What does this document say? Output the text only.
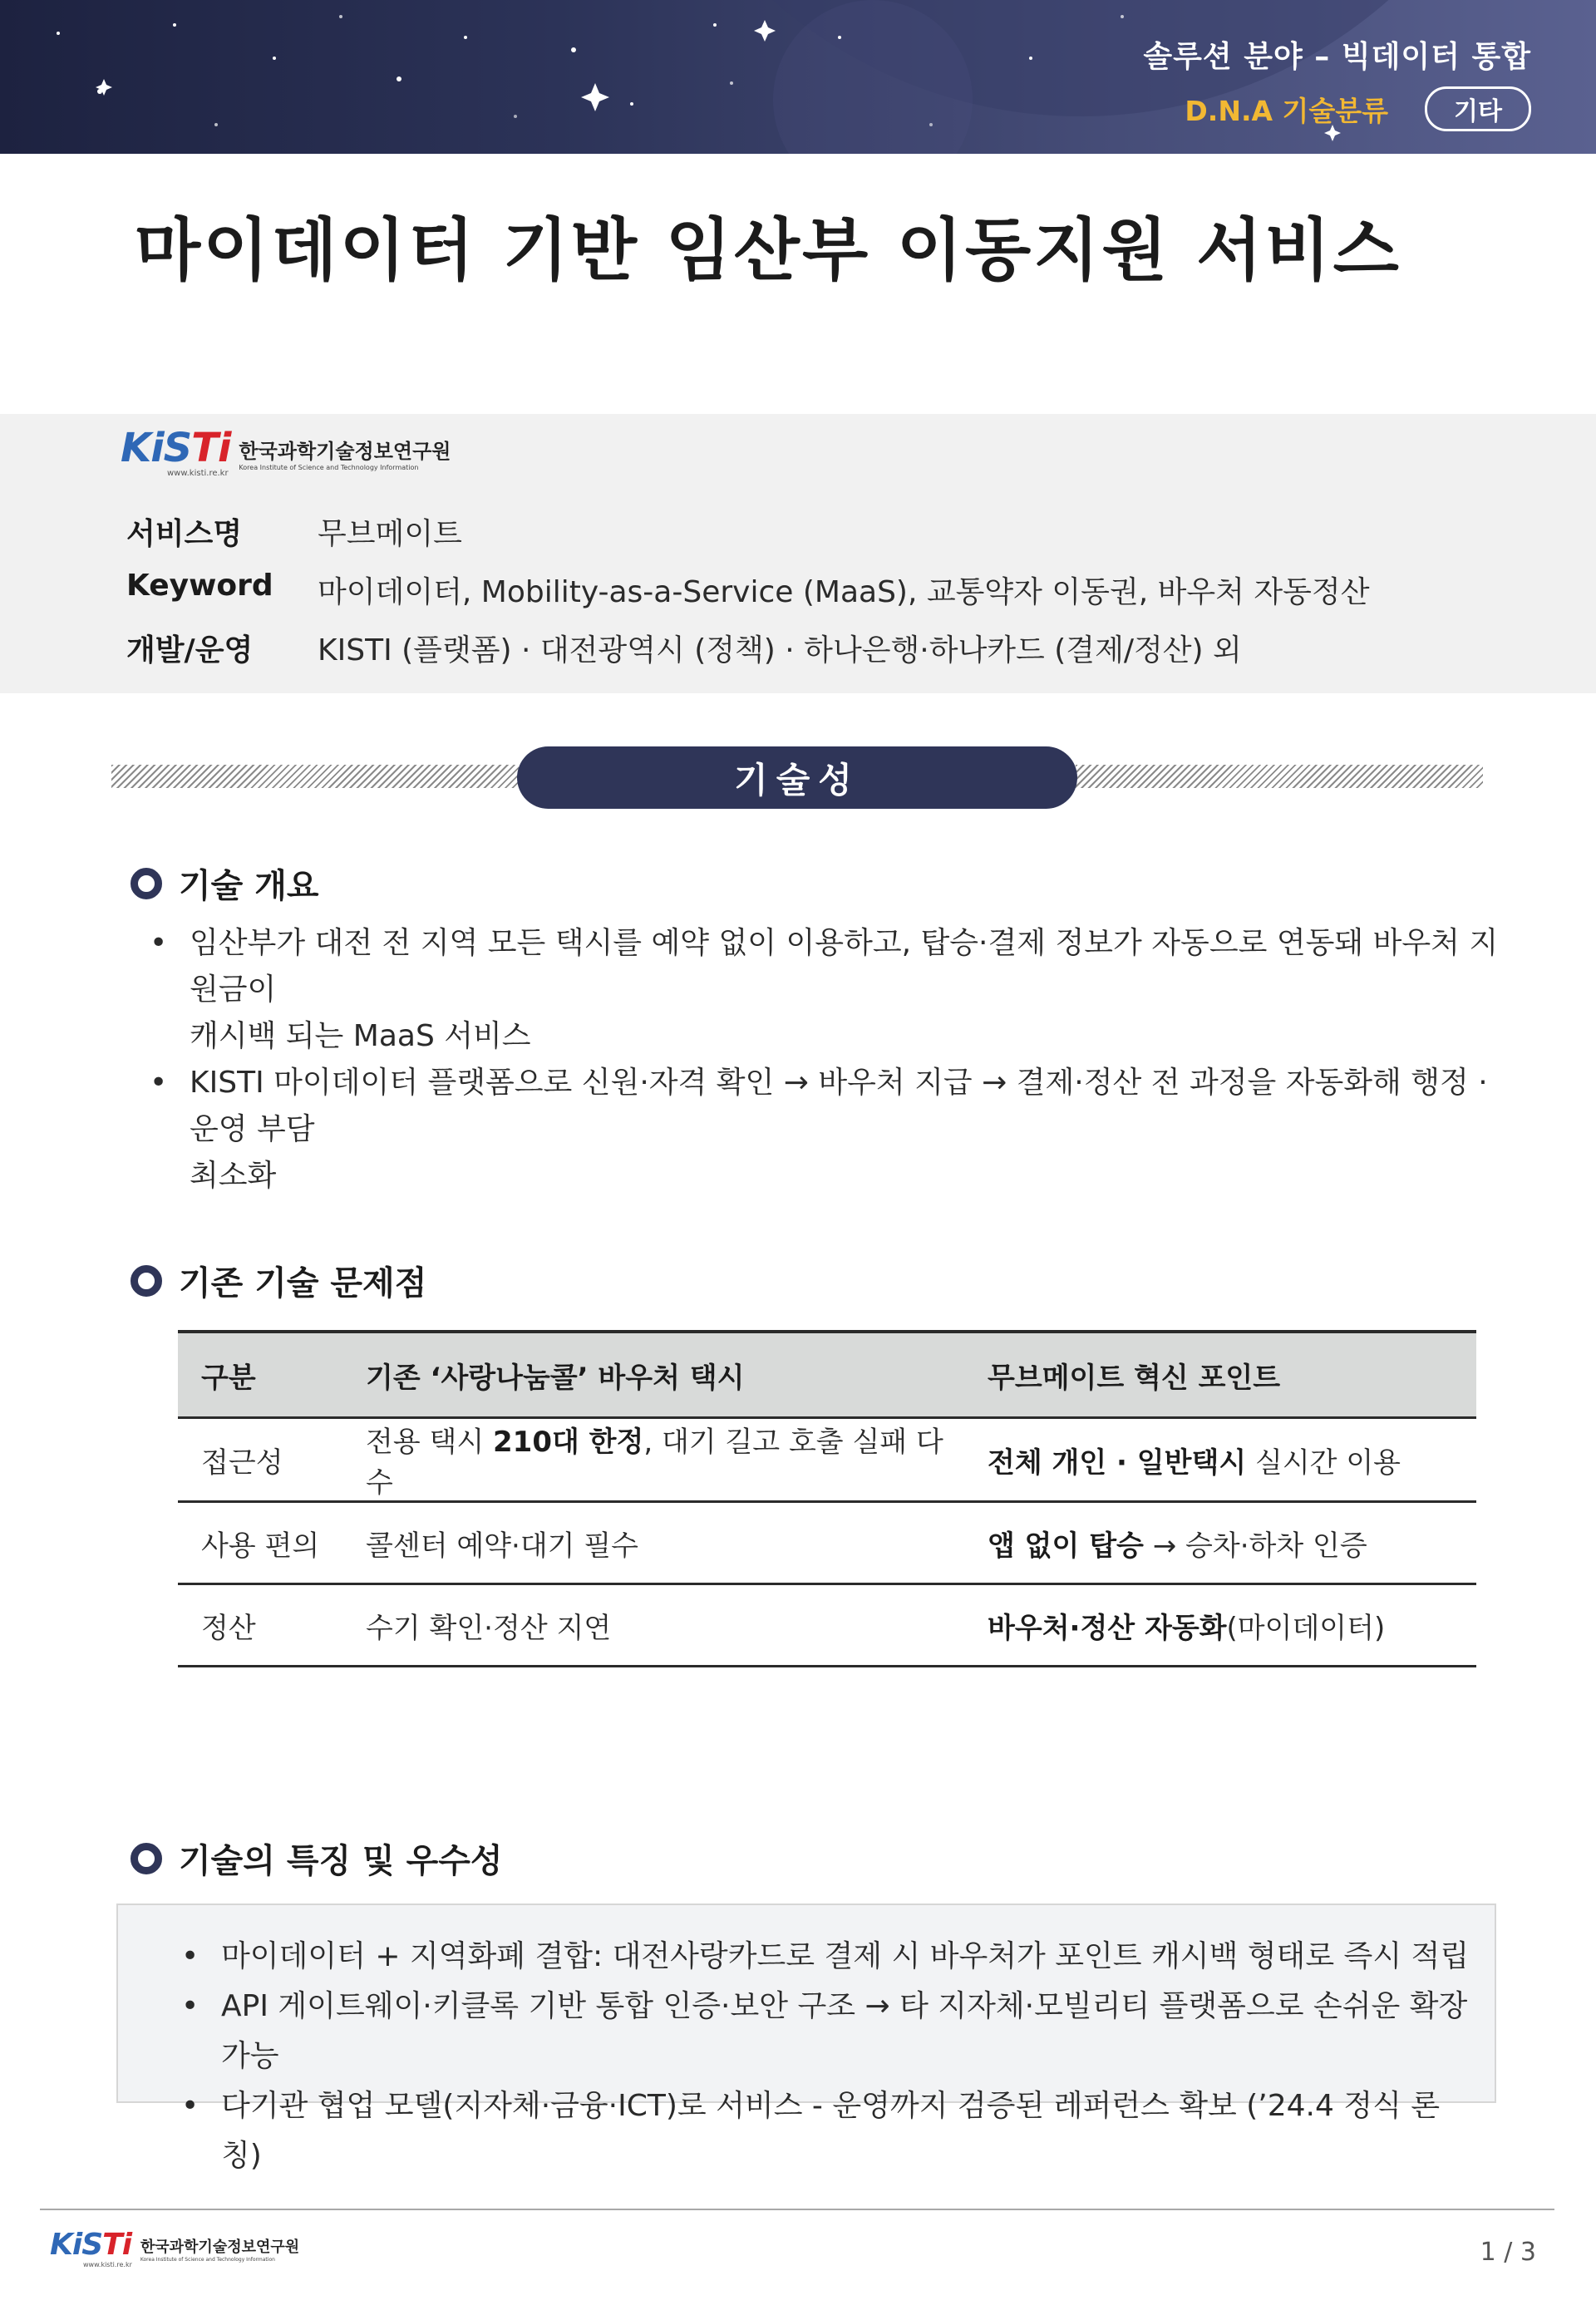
솔루션 분야 – 빅데이터 통합
D.N.A 기술분류	기타
마이데이터 기반 임산부 이동지원 서비스
KiSTi
www.kisti.re.kr
한국과학기술정보연구원
Korea Institute of Science and Technology Information
서비스명	무브메이트
Keyword	마이데이터, Mobility-as-a-Service (MaaS), 교통약자 이동권, 바우처 자동정산
개발/운영	KISTI (플랫폼) · 대전광역시 (정책) · 하나은행·하나카드 (결제/정산) 외
기술성
기술 개요
• 임산부가 대전 전 지역 모든 택시를 예약 없이 이용하고, 탑승·결제 정보가 자동으로 연동돼 바우처 지원금이
캐시백 되는 MaaS 서비스
• KISTI 마이데이터 플랫폼으로 신원·자격 확인 → 바우처 지급 → 결제·정산 전 과정을 자동화해 행정 · 운영 부담
최소화
기존 기술 문제점
구분	기존 ‘사랑나눔콜’ 바우처 택시	무브메이트 혁신 포인트
접근성	전용 택시 210대 한정, 대기 길고 호출 실패 다수	전체 개인 · 일반택시 실시간 이용
사용 편의	콜센터 예약·대기 필수	앱 없이 탑승 → 승차·하차 인증
정산	수기 확인·정산 지연	바우처·정산 자동화(마이데이터)
기술의 특징 및 우수성
• 마이데이터 + 지역화폐 결합: 대전사랑카드로 결제 시 바우처가 포인트 캐시백 형태로 즉시 적립
• API 게이트웨이·키클록 기반 통합 인증·보안 구조 → 타 지자체·모빌리티 플랫폼으로 손쉬운 확장 가능
• 다기관 협업 모델(지자체·금융·ICT)로 서비스 - 운영까지 검증된 레퍼런스 확보 (’24.4 정식 론칭)
KiSTi
www.kisti.re.kr
한국과학기술정보연구원
Korea Institute of Science and Technology Information	1 / 3
